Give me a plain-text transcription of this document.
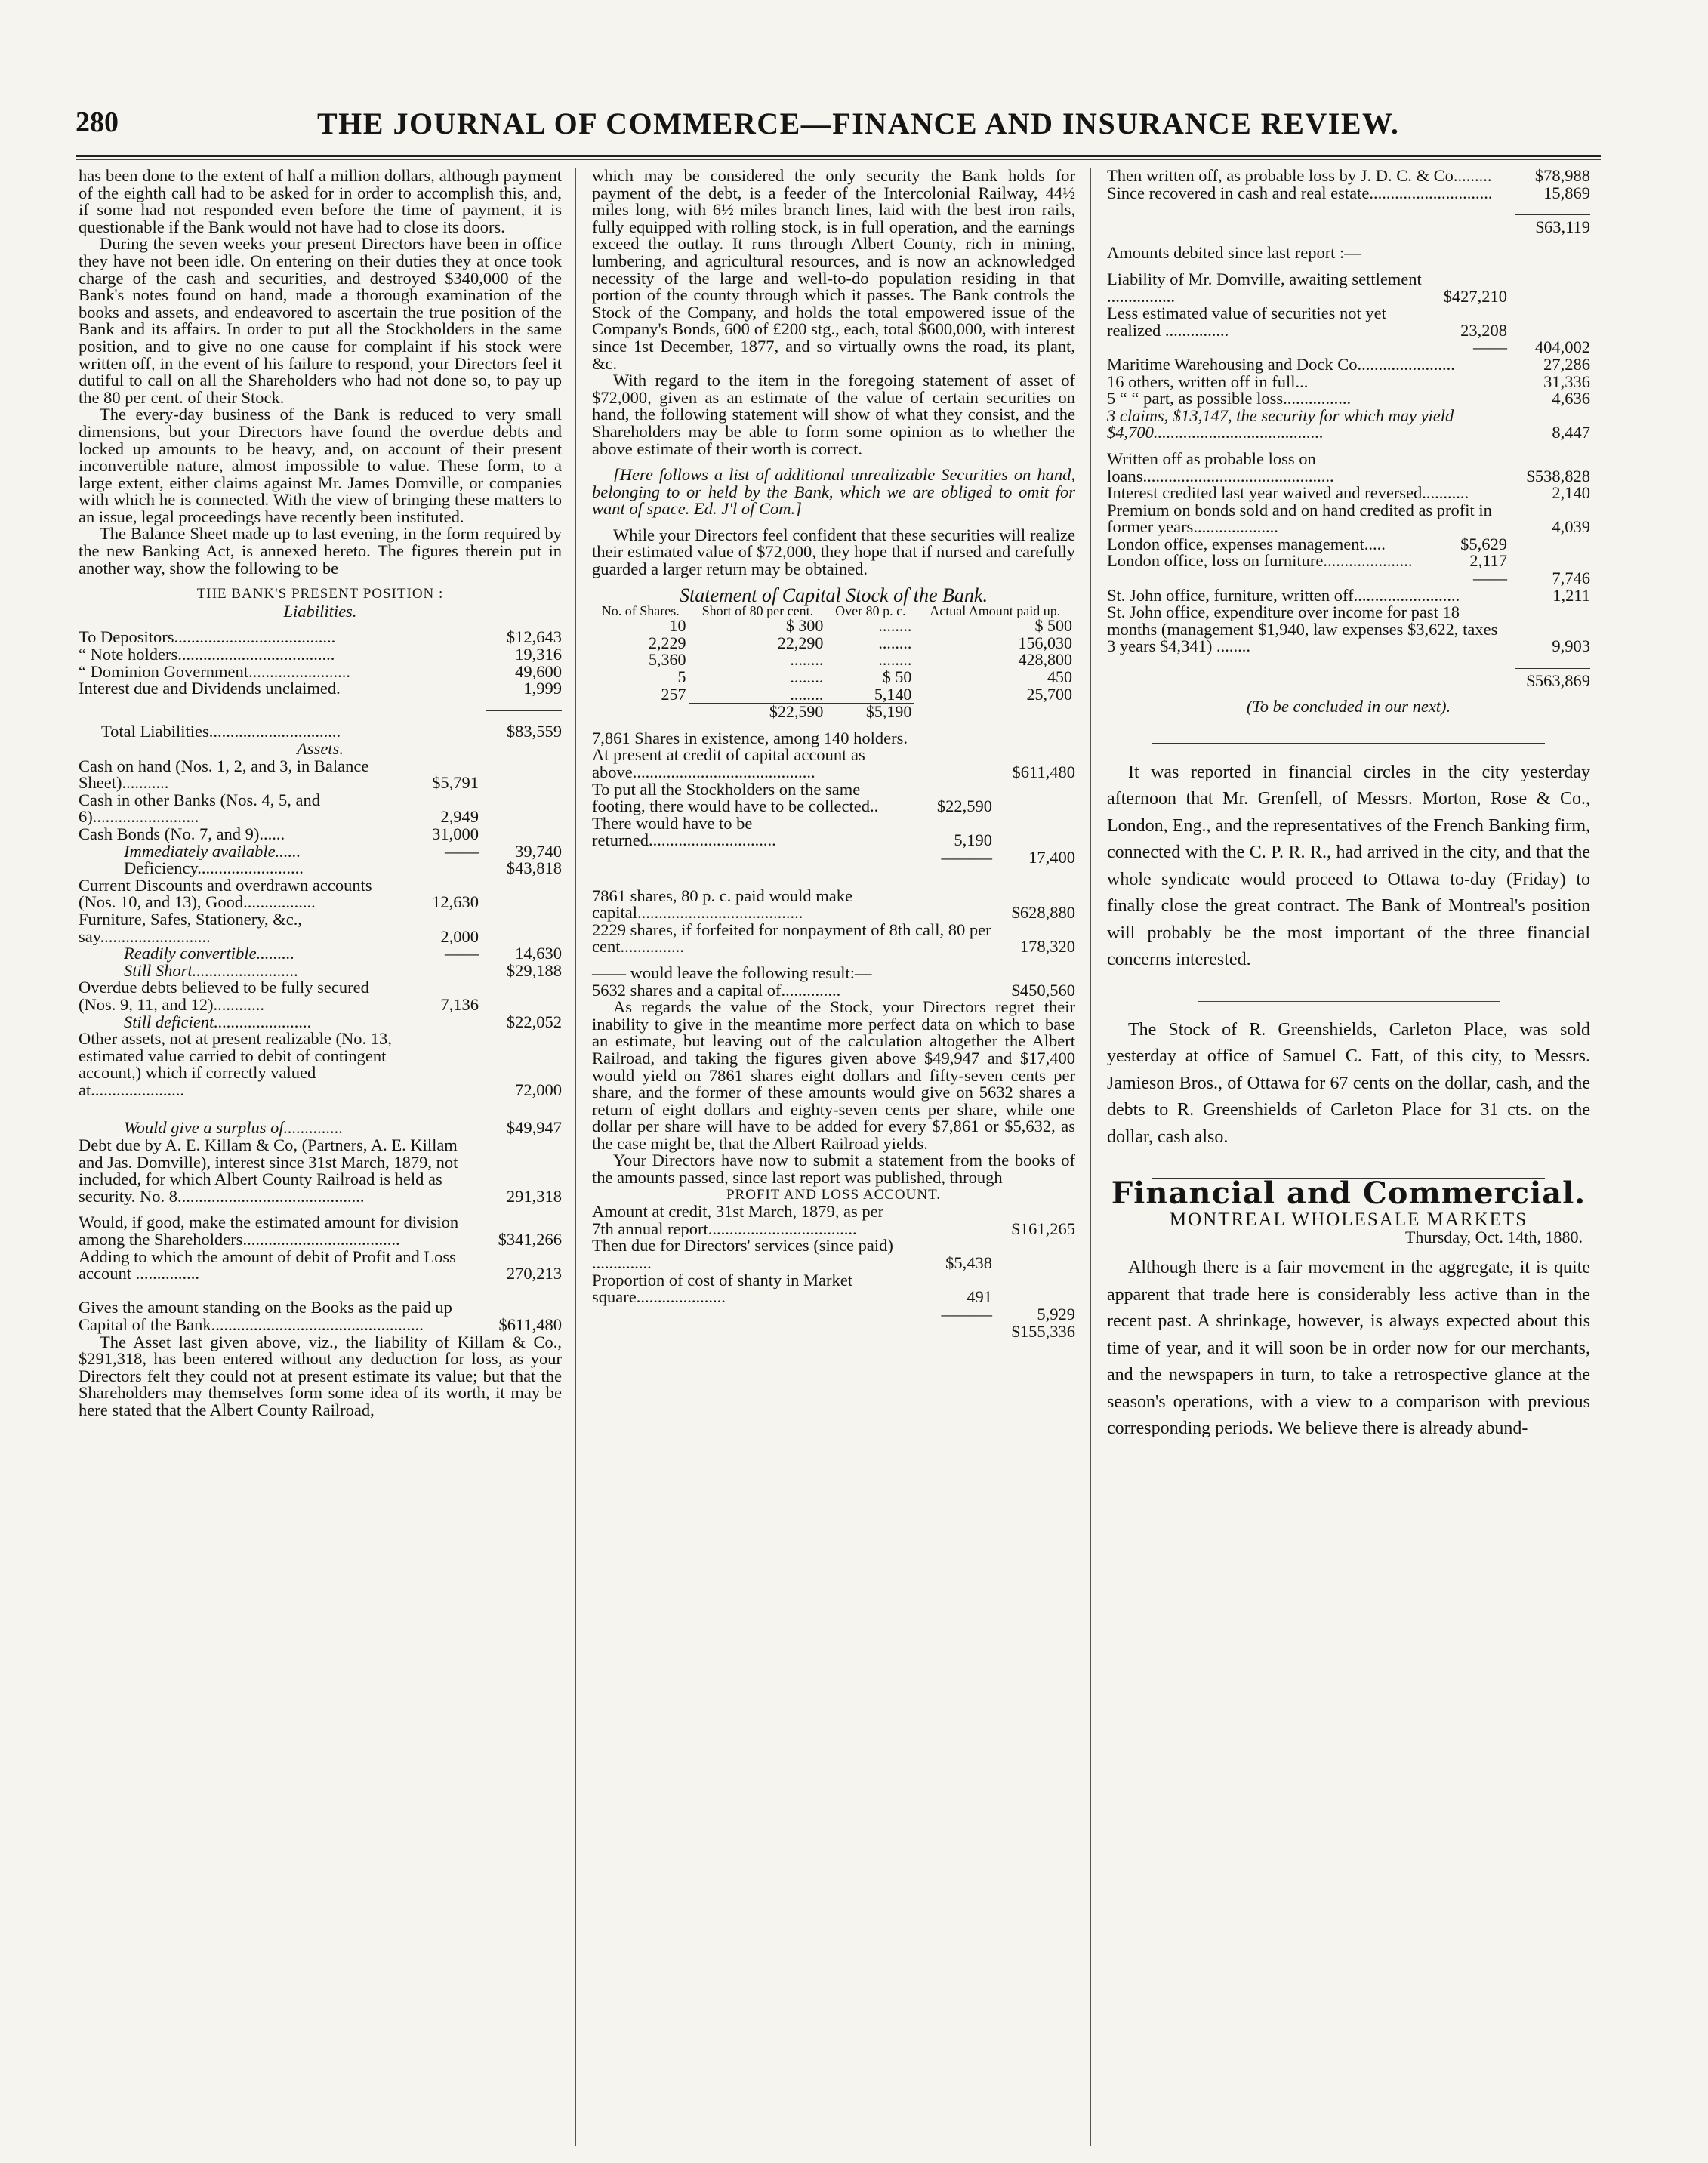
280	THE JOURNAL OF COMMERCE—FINANCE AND INSURANCE REVIEW.

has been done to the extent of half a million dollars, although payment of the eighth call had to be asked for in order to accomplish this, and, if some had not responded even before the time of payment, it is questionable if the Bank would not have had to close its doors.

During the seven weeks your present Directors have been in office they have not been idle. On entering on their duties they at once took charge of the cash and securities, and destroyed $340,000 of the Bank's notes found on hand, made a thorough examination of the books and assets, and endeavored to ascertain the true position of the Bank and its affairs. In order to put all the Stockholders in the same position, and to give no one cause for complaint if his stock were written off, in the event of his failure to respond, your Directors feel it dutiful to call on all the Shareholders who had not done so, to pay up the 80 per cent. of their Stock.

The every-day business of the Bank is reduced to very small dimensions, but your Directors have found the overdue debts and locked up amounts to be heavy, and, on account of their present inconvertible nature, almost impossible to value. These form, to a large extent, either claims against Mr. James Domville, or companies with which he is connected. With the view of bringing these matters to an issue, legal proceedings have recently been instituted.

The Balance Sheet made up to last evening, in the form required by the new Banking Act, is annexed hereto. The figures therein put in another way, show the following to be

THE BANK'S PRESENT POSITION :
Liabilities.
To Depositors......................................	$12,643
“ Note holders.....................................	19,316
“ Dominion Government........................	49,600
Interest due and Dividends unclaimed.	1,999
Total Liabilities...............................	$83,559
Assets.
Cash on hand (Nos. 1, 2, and 3, in Balance Sheet)...........	$5,791
Cash in other Banks (Nos. 4, 5, and 6).........................	2,949
Cash Bonds (No. 7, and 9)......	31,000
Immediately available......	——	39,740
Deficiency.........................	$43,818
Current Discounts and overdrawn accounts (Nos. 10, and 13), Good.................	12,630
Furniture, Safes, Stationery, &c., say..........................	2,000
Readily convertible.........	——	14,630
Still Short.........................	$29,188
Overdue debts believed to be fully secured (Nos. 9, 11, and 12)............	7,136
Still deficient.......................	$22,052
Other assets, not at present realizable (No. 13, estimated value carried to debit of contingent account,) which if correctly valued at......................	72,000
Would give a surplus of..............	$49,947
Debt due by A. E. Killam & Co, (Partners, A. E. Killam and Jas. Domville), interest since 31st March, 1879, not included, for which Albert County Railroad is held as security. No. 8............................................	291,318
Would, if good, make the estimated amount for division among the Shareholders.....................................	$341,266
Adding to which the amount of debit of Profit and Loss account ...............	270,213
Gives the amount standing on the Books as the paid up Capital of the Bank..................................................	$611,480

The Asset last given above, viz., the liability of Killam & Co., $291,318, has been entered without any deduction for loss, as your Directors felt they could not at present estimate its value; but that the Shareholders may themselves form some idea of its worth, it may be here stated that the Albert County Railroad,

which may be considered the only security the Bank holds for payment of the debt, is a feeder of the Intercolonial Railway, 44½ miles long, with 6½ miles branch lines, laid with the best iron rails, fully equipped with rolling stock, is in full operation, and the earnings exceed the outlay. It runs through Albert County, rich in mining, lumbering, and agricultural resources, and is now an acknowledged necessity of the large and well-to-do population residing in that portion of the county through which it passes. The Bank controls the Stock of the Company, and holds the total empowered issue of the Company's Bonds, 600 of £200 stg., each, total $600,000, with interest since 1st December, 1877, and so virtually owns the road, its plant, &c.

With regard to the item in the foregoing statement of asset of $72,000, given as an estimate of the value of certain securities on hand, the following statement will show of what they consist, and the Shareholders may be able to form some opinion as to whether the above estimate of their worth is correct.

[Here follows a list of additional unrealizable Securities on hand, belonging to or held by the Bank, which we are obliged to omit for want of space. Ed. J'l of Com.]

While your Directors feel confident that these securities will realize their estimated value of $72,000, they hope that if nursed and carefully guarded a larger return may be obtained.

Statement of Capital Stock of the Bank.
No. of Shares.	Short of 80 per cent.	Over 80 p. c.	Actual Amount paid up.
10	$ 300	........	$ 500
2,229	22,290	........	156,030
5,360	........	........	428,800
5	........	$ 50	450
257	........	5,140	25,700

	$22,590	$5,190	

7,861 Shares in existence, among 140 holders.

At present at credit of capital account as above...........................................	$611,480
To put all the Stockholders on the same footing, there would have to be collected..	$22,590
There would have to be returned..............................	5,190
———	17,400
7861 shares, 80 p. c. paid would make capital.......................................	$628,880
2229 shares, if forfeited for nonpayment of 8th call, 80 per cent...............	178,320

—— would leave the following result:—

5632 shares and a capital of..............	$450,560

As regards the value of the Stock, your Directors regret their inability to give in the meantime more perfect data on which to base an estimate, but leaving out of the calculation altogether the Albert Railroad, and taking the figures given above $49,947 and $17,400 would yield on 7861 shares eight dollars and fifty-seven cents per share, and the former of these amounts would give on 5632 shares a return of eight dollars and eighty-seven cents per share, while one dollar per share will have to be added for every $7,861 or $5,632, as the case might be, that the Albert Railroad yields.

Your Directors have now to submit a statement from the books of the amounts passed, since last report was published, through

PROFIT AND LOSS ACCOUNT.
Amount at credit, 31st March, 1879, as per 7th annual report...................................	$161,265
Then due for Directors' services (since paid) ..............	$5,438
Proportion of cost of shanty in Market square.....................	491
———	5,929
$155,336
Then written off, as probable loss by J. D. C. & Co.........	$78,988
Since recovered in cash and real estate.............................	15,869
$63,119

Amounts debited since last report :—

Liability of Mr. Domville, awaiting settlement ................	$427,210
Less estimated value of securities not yet realized ...............	23,208
——	404,002
Maritime Warehousing and Dock Co.......................	27,286
16 others, written off in full...	31,336
5 “ “ part, as possible loss................	4,636
3 claims, $13,147, the security for which may yield $4,700........................................	8,447
Written off as probable loss on loans.............................................	$538,828
Interest credited last year waived and reversed...........	2,140
Premium on bonds sold and on hand credited as profit in former years....................	4,039
London office, expenses management.....	$5,629
London office, loss on furniture.....................	2,117
——	7,746
St. John office, furniture, written off.........................	1,211
St. John office, expenditure over income for past 18 months (management $1,940, law expenses $3,622, taxes 3 years $4,341) ........	9,903
$563,869
(To be concluded in our next).

It was reported in financial circles in the city yesterday afternoon that Mr. Grenfell, of Messrs. Morton, Rose & Co., London, Eng., and the representatives of the French Banking firm, connected with the C. P. R. R., had arrived in the city, and that the whole syndicate would proceed to Ottawa to-day (Friday) to finally close the great contract. The Bank of Montreal's position will probably be the most important of the three financial concerns interested.

The Stock of R. Greenshields, Carleton Place, was sold yesterday at office of Samuel C. Fatt, of this city, to Messrs. Jamieson Bros., of Ottawa for 67 cents on the dollar, cash, and the debts to R. Greenshields of Carleton Place for 31 cts. on the dollar, cash also.

Financial and Commercial.
MONTREAL WHOLESALE MARKETS
Thursday, Oct. 14th, 1880.

Although there is a fair movement in the aggregate, it is quite apparent that trade here is considerably less active than in the recent past. A shrinkage, however, is always expected about this time of year, and it will soon be in order now for our merchants, and the newspapers in turn, to take a retrospective glance at the season's operations, with a view to a comparison with previous corresponding periods. We believe there is already abund-
